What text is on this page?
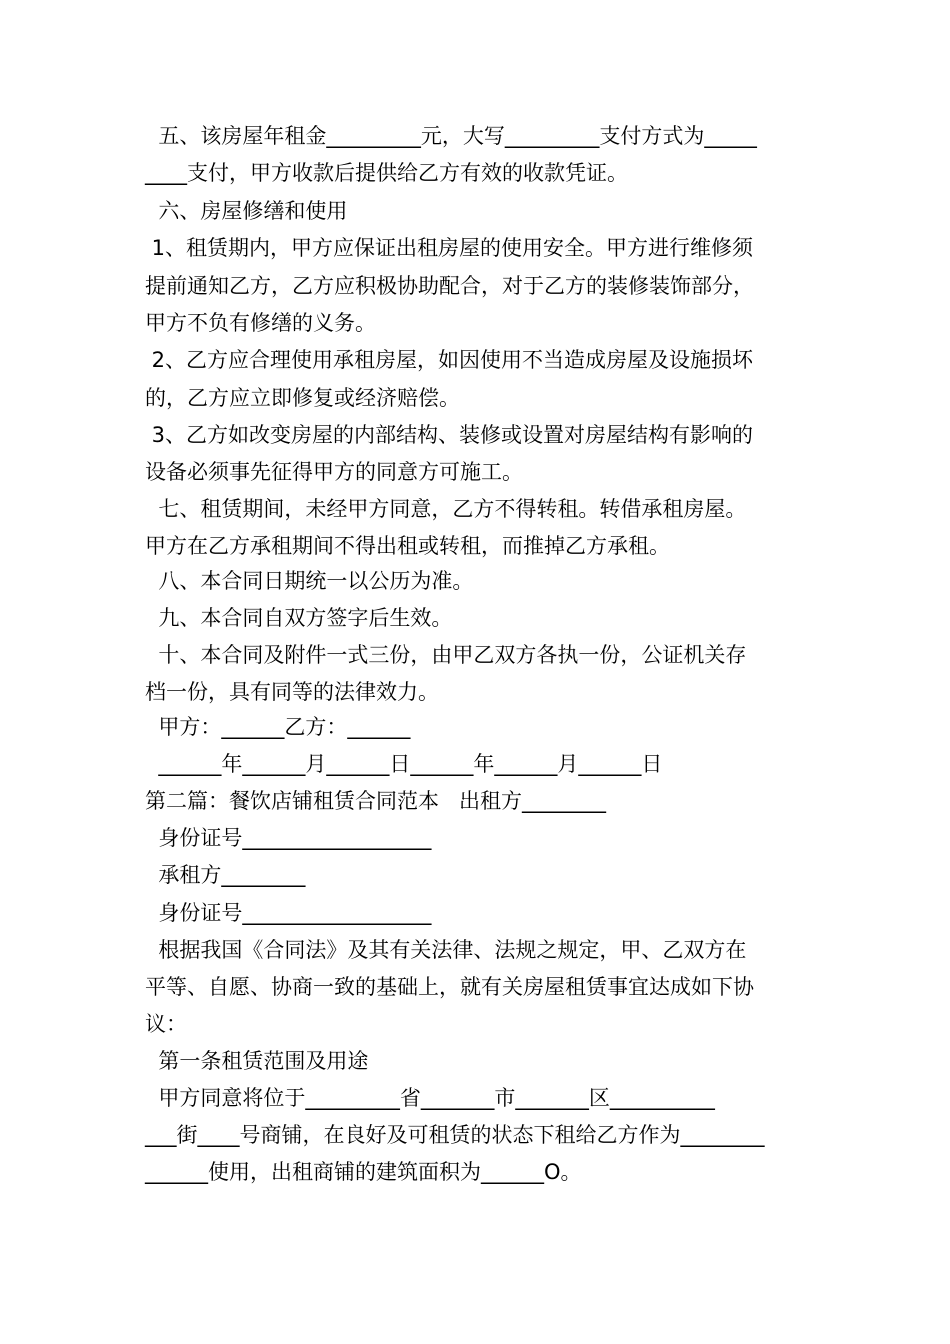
五、该房屋年租金_________元，大写_________支付方式为_____
____支付，甲方收款后提供给乙方有效的收款凭证。
六、房屋修缮和使用
1、租赁期内，甲方应保证出租房屋的使用安全。甲方进行维修须
提前通知乙方，乙方应积极协助配合，对于乙方的装修装饰部分，
甲方不负有修缮的义务。
2、乙方应合理使用承租房屋，如因使用不当造成房屋及设施损坏
的，乙方应立即修复或经济赔偿。
3、乙方如改变房屋的内部结构、装修或设置对房屋结构有影响的
设备必须事先征得甲方的同意方可施工。
七、租赁期间，未经甲方同意，乙方不得转租。转借承租房屋。
甲方在乙方承租期间不得出租或转租，而推掉乙方承租。
八、本合同日期统一以公历为准。
九、本合同自双方签字后生效。
十、本合同及附件一式三份，由甲乙双方各执一份，公证机关存
档一份，具有同等的法律效力。
甲方：______乙方：______
______年______月______日______年______月______日
第二篇：餐饮店铺租赁合同范本   出租方________
身份证号__________________
承租方________
身份证号__________________
根据我国《合同法》及其有关法律、法规之规定，甲、乙双方在
平等、自愿、协商一致的基础上，就有关房屋租赁事宜达成如下协
议：
第一条租赁范围及用途
甲方同意将位于_________省_______市_______区__________
___街____号商铺，在良好及可租赁的状态下租给乙方作为________
______使用，出租商铺的建筑面积为______O。
